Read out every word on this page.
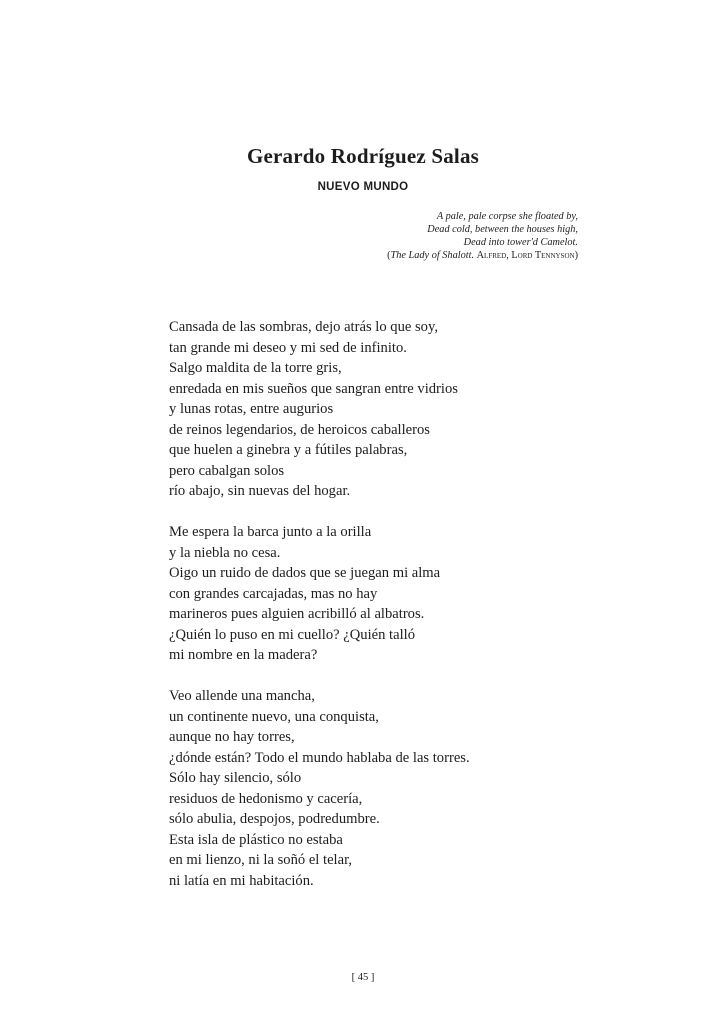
Gerardo Rodríguez Salas
NUEVO MUNDO
A pale, pale corpse she floated by,
Dead cold, between the houses high,
Dead into tower'd Camelot.
(The Lady of Shalott. Alfred, Lord Tennyson)
Cansada de las sombras, dejo atrás lo que soy,
tan grande mi deseo y mi sed de infinito.
Salgo maldita de la torre gris,
enredada en mis sueños que sangran entre vidrios
y lunas rotas, entre augurios
de reinos legendarios, de heroicos caballeros
que huelen a ginebra y a fútiles palabras,
pero cabalgan solos
río abajo, sin nuevas del hogar.
Me espera la barca junto a la orilla
y la niebla no cesa.
Oigo un ruido de dados que se juegan mi alma
con grandes carcajadas, mas no hay
marineros pues alguien acribilló al albatros.
¿Quién lo puso en mi cuello? ¿Quién talló
mi nombre en la madera?
Veo allende una mancha,
un continente nuevo, una conquista,
aunque no hay torres,
¿dónde están? Todo el mundo hablaba de las torres.
Sólo hay silencio, sólo
residuos de hedonismo y cacería,
sólo abulia, despojos, podredumbre.
Esta isla de plástico no estaba
en mi lienzo, ni la soñó el telar,
ni latía en mi habitación.
[ 45 ]
